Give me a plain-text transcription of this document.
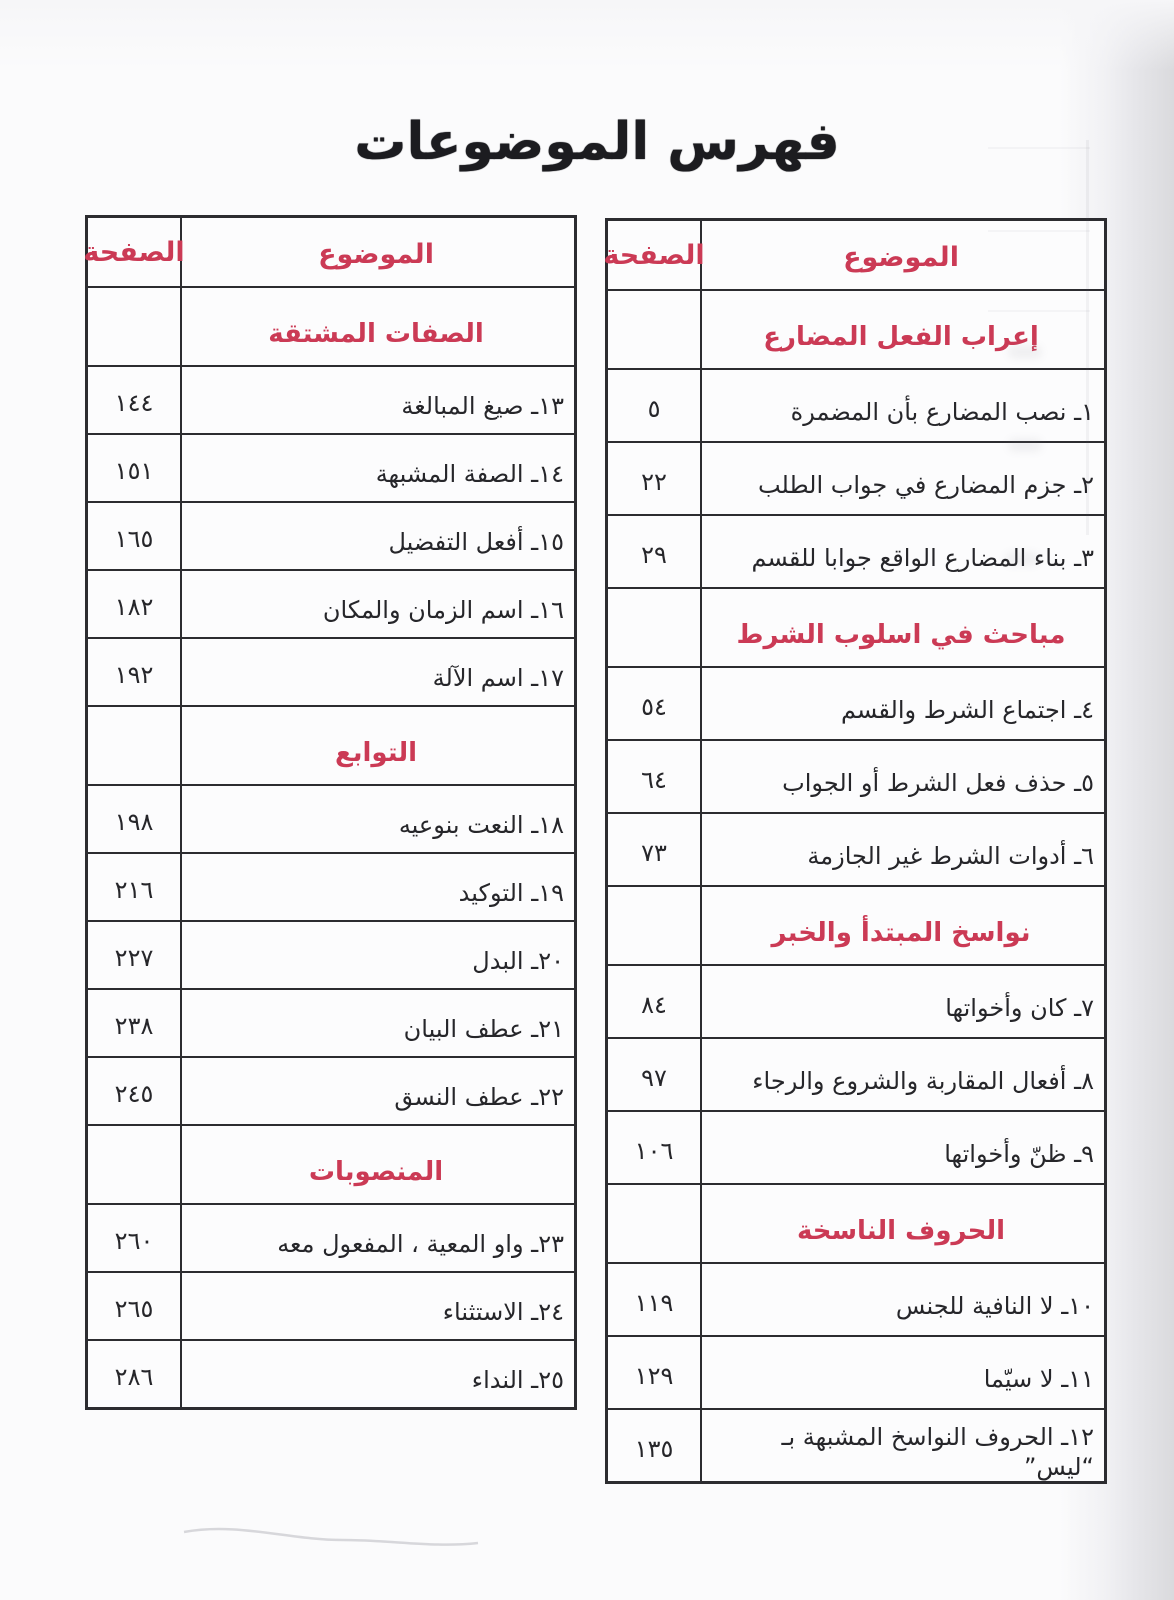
فهرس الموضوعات
الموضوع
الصفحة
إعراب الفعل المضارع
١ـ نصب المضارع بأن المضمرة
٥
٢ـ جزم المضارع في جواب الطلب
٢٢
٣ـ بناء المضارع الواقع جوابا للقسم
٢٩
مباحث في اسلوب الشرط
٤ـ اجتماع الشرط والقسم
٥٤
٥ـ حذف فعل الشرط أو الجواب
٦٤
٦ـ أدوات الشرط غير الجازمة
٧٣
نواسخ المبتدأ والخبر
٧ـ كان وأخواتها
٨٤
٨ـ أفعال المقاربة والشروع والرجاء
٩٧
٩ـ ظنّ وأخواتها
١٠٦
الحروف الناسخة
١٠ـ لا النافية للجنس
١١٩
١١ـ لا سيّما
١٢٩
١٢ـ الحروف النواسخ المشبهة بـ “ليس”
١٣٥
الموضوع
الصفحة
الصفات المشتقة
١٣ـ صيغ المبالغة
١٤٤
١٤ـ الصفة المشبهة
١٥١
١٥ـ أفعل التفضيل
١٦٥
١٦ـ اسم الزمان والمكان
١٨٢
١٧ـ اسم الآلة
١٩٢
التوابع
١٨ـ النعت بنوعيه
١٩٨
١٩ـ التوكيد
٢١٦
٢٠ـ البدل
٢٢٧
٢١ـ عطف البيان
٢٣٨
٢٢ـ عطف النسق
٢٤٥
المنصوبات
٢٣ـ واو المعية ، المفعول معه
٢٦٠
٢٤ـ الاستثناء
٢٦٥
٢٥ـ النداء
٢٨٦
